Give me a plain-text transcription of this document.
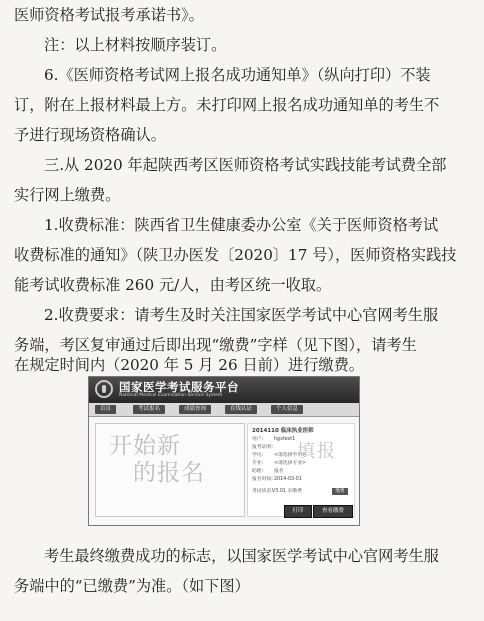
医师资格考试报考承诺书》。
注：以上材料按顺序装订。
6.《医师资格考试网上报名成功通知单》（纵向打印）不装
订，附在上报材料最上方。未打印网上报名成功通知单的考生不
予进行现场资格确认。
三.从 2020 年起陕西考区医师资格考试实践技能考试费全部
实行网上缴费。
1.收费标准：陕西省卫生健康委办公室《关于医师资格考试
收费标准的通知》（陕卫办医发〔2020〕17 号），医师资格实践技
能考试收费标准 260 元/人，由考区统一收取。
2.收费要求：请考生及时关注国家医学考试中心官网考生服
务端，考区复审通过后即出现“缴费”字样（见下图），请考生
在规定时间内（2020 年 5 月 26 日前）进行缴费。
国家医学考试服务平台
National Medical Examination Service System
首页	考试报名	成绩查询	在线认证	个人信息
开始新
的报名
2014110 临床执业医师
用户: hgxtest1
报考证明:
学历: <请选择学历>
专业: <请选择专业>
助理: 报名
报名时间: 2014-03-01
考试状态: V3.01 未缴费	缴费
填报
打印	查看缴费
考生最终缴费成功的标志，以国家医学考试中心官网考生服
务端中的“已缴费”为准。（如下图）
